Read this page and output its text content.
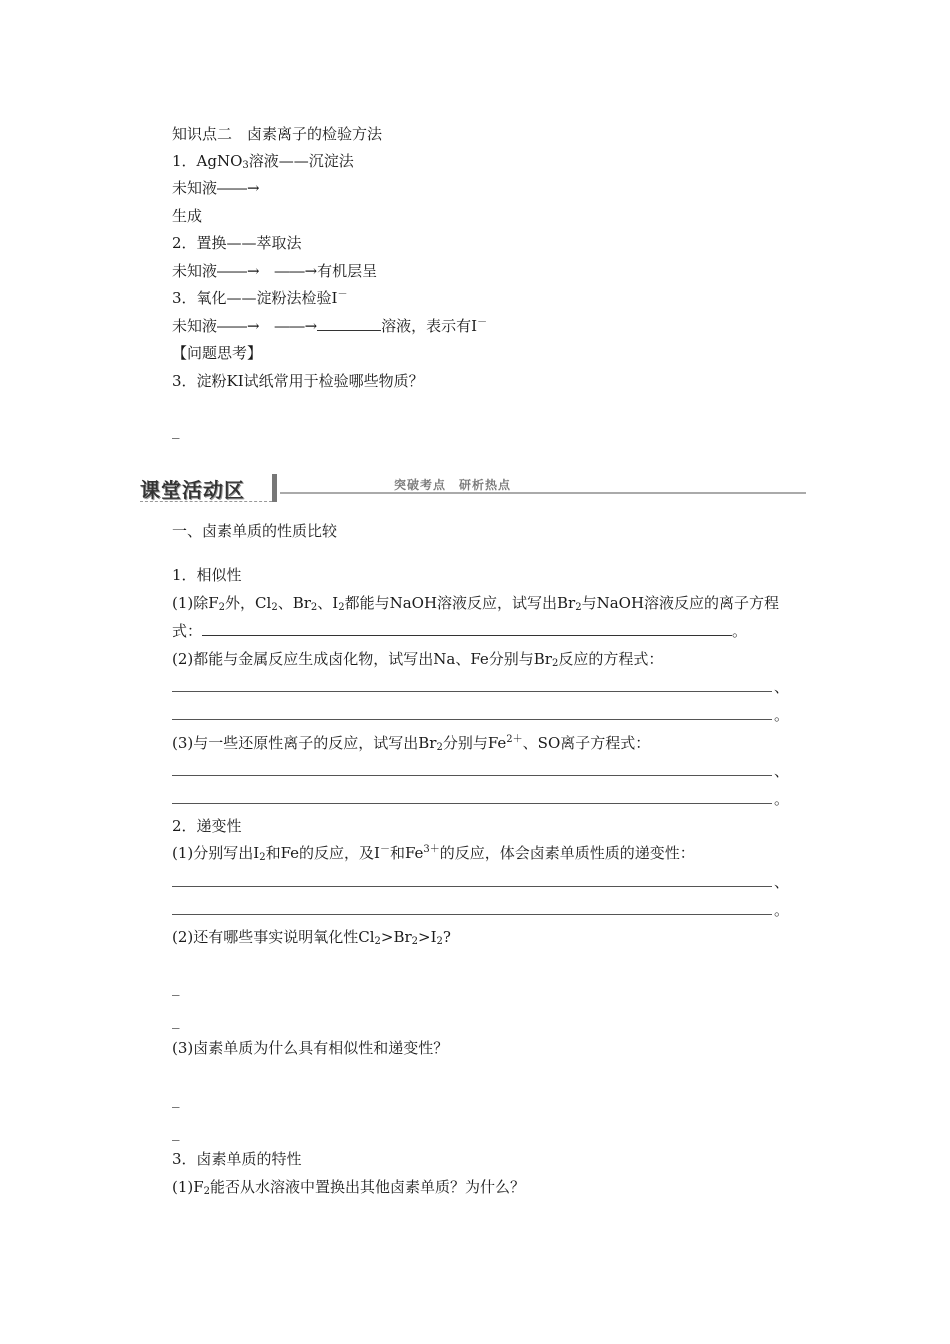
知识点二　卤素离子的检验方法
1．AgNO$_3$溶液——沉淀法
未知液――→
生成
2．置换——萃取法
未知液――→　 ――→有机层呈
3．氧化——淀粉法检验I－
未知液――→　 ――→	溶液，表示有I－
【问题思考】
3．淀粉KI试纸常用于检验哪些物质？
_
课堂活动区	突破考点　研析热点
一、卤素单质的性质比较
1．相似性
(1)除$F_2$外，$Cl_2$、$Br_2$、$I_2$都能与NaOH溶液反应，试写出$Br_2$与NaOH溶液反应的离子方程
式：	。
(2)都能与金属反应生成卤化物，试写出Na、Fe分别与$Br_2$反应的方程式：
、
。
(3)与一些还原性离子的反应，试写出$Br_2$分别与$Fe^{2+}$、SO离子方程式：
、
。
2．递变性
(1)分别写出$I_2$和Fe的反应，及I－和$Fe^{3+}$的反应，体会卤素单质性质的递变性：
、
。
(2)还有哪些事实说明氧化性$Cl_2>Br_2>I_2$?
_
_
(3)卤素单质为什么具有相似性和递变性？
_
_
3．卤素单质的特性
$(1)F_2$能否从水溶液中置换出其他卤素单质？为什么？
